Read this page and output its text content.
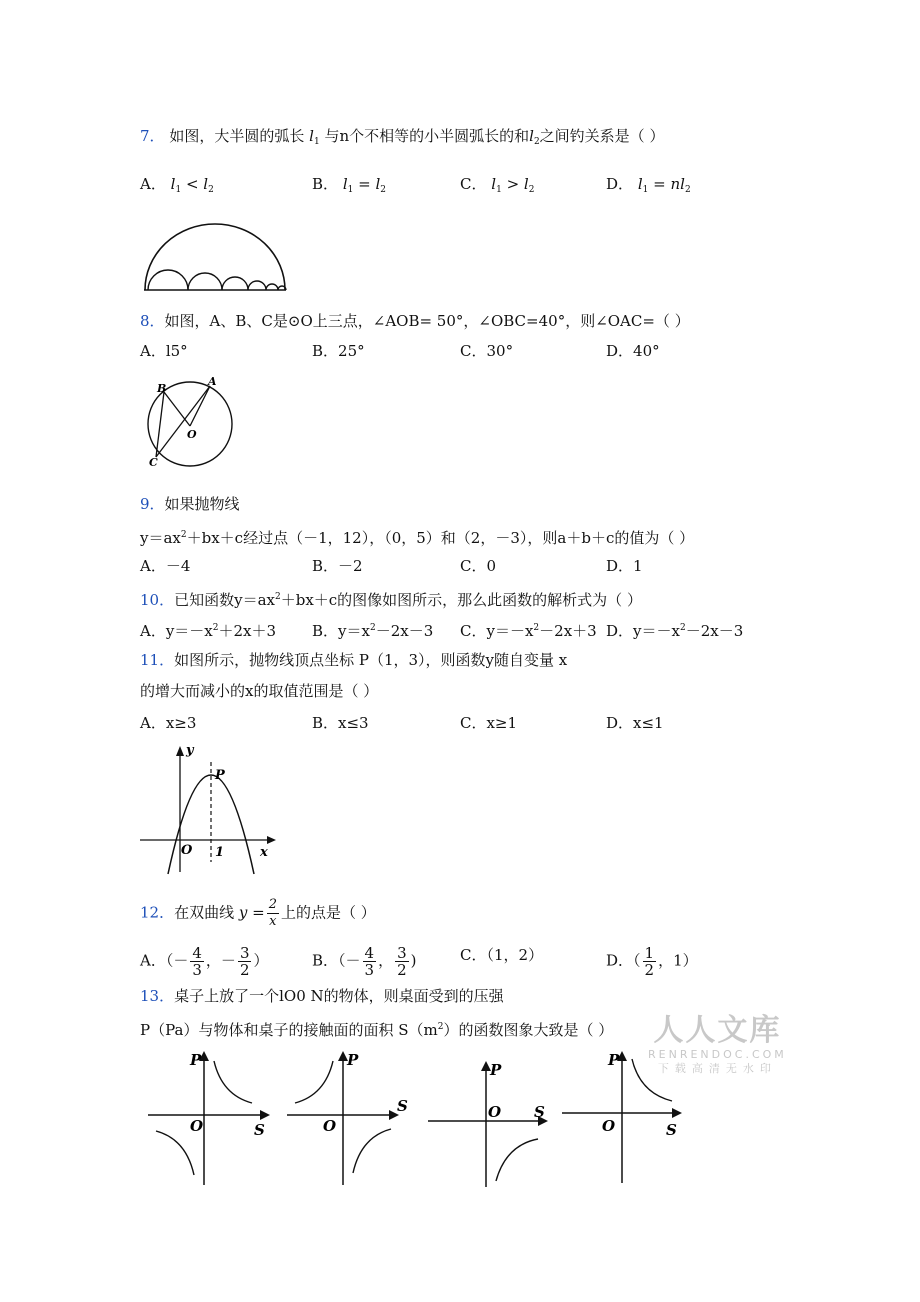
7． 如图，大半圆的弧长 $l_1$ 与n个不相等的小半圆弧长的和$l_2$之间钓关系是（ ）
A． $l_1 < l_2$	B． $l_1 = l_2$	C． $l_1 > l_2$	D． $l_1 = nl_2$
8．如图，A、B、C是⊙O上三点，∠AOB= 50°，∠OBC=40°，则∠OAC=（ ）
A．l5°	B．25°	C．30°	D．40°
B
A
O
C
9．如果抛物线
$y=ax^2+bx+c$经过点（－1，12），（0，5）和（2，－3），则a＋b＋c的值为（ ）
A．－4	B．－2	C．0	D．1
10．已知函数$y=ax^2+bx+c$的图像如图所示，那么此函数的解析式为（ ）
A．$y=-x^2+2x+3$ B．$y=x^2-2x-3$ C．$y=-x^2-2x+3$ D．$y=-x^2-2x-3$
11．如图所示，抛物线顶点坐标 P（1，3），则函数y随自变量 x
的增大而减小的x的取值范围是（ ）
A．x≥3	B．x≤3	C．x≥1	D．x≤1
y
P
O 1	x
12．在双曲线 $y = \frac{2}{x}$ 上的点是（ ）
A．（－ $\frac{4}{3}$ ，－ $\frac{3}{2}$ ）	B．（－ $\frac{4}{3}$ ， $\frac{3}{2}$ )	C．（1，2）	D．（ $\frac{1}{2}$ ，1）
13．桌子上放了一个lO0 N的物体，则桌面受到的压强
P（Pa）与物体和桌子的接触面的面积 $S(m^2)$的函数图象大致是（ ） 人人文库
RENRENDOC.COM
下载高清无水印
P
O	S
P
O
S
P
O S
P
O	S
